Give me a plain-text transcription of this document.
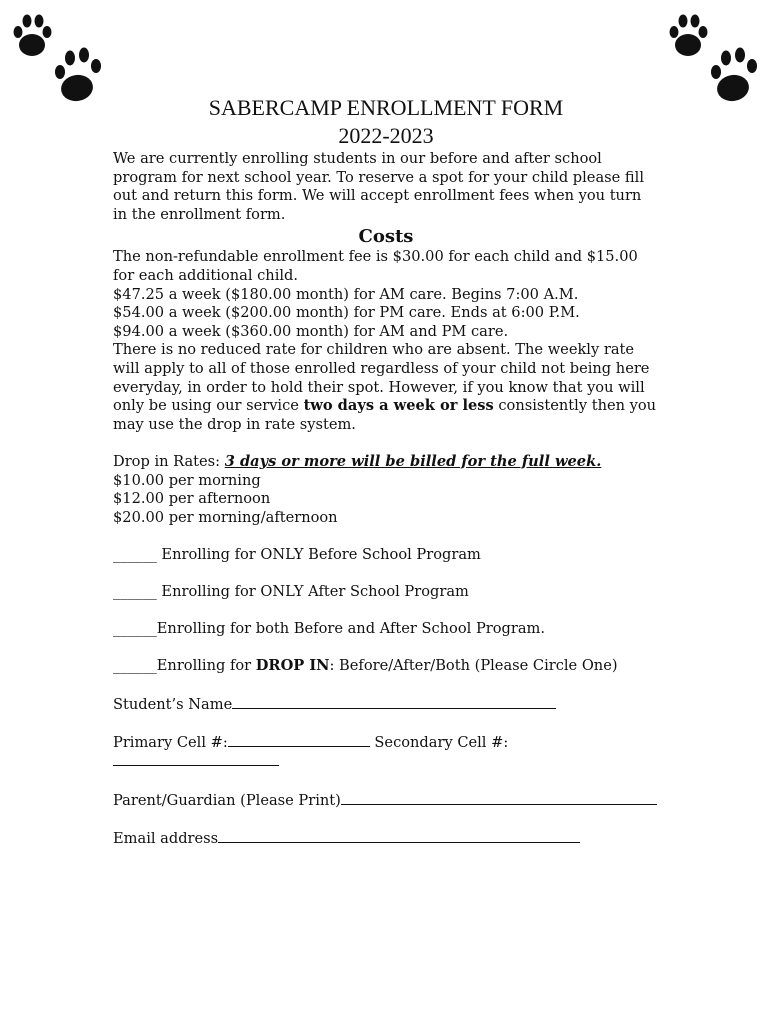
SABERCAMP ENROLLMENT FORM
2022-2023

We are currently enrolling students in our before and after school program for next school year. To reserve a spot for your child please fill out and return this form. We will accept enrollment fees when you turn in the enrollment form.

Costs

The non-refundable enrollment fee is $30.00 for each child and $15.00 for each additional child.

$47.25 a week ($180.00 month) for AM care. Begins 7:00 A.M.

$54.00 a week ($200.00 month) for PM care. Ends at 6:00 P.M.

$94.00 a week ($360.00 month) for AM and PM care.

There is no reduced rate for children who are absent. The weekly rate will apply to all of those enrolled regardless of your child not being here everyday, in order to hold their spot. However, if you know that you will only be using our service two days a week or less consistently then you may use the drop in rate system.

Drop in Rates: 3 days or more will be billed for the full week.

$10.00 per morning

$12.00 per afternoon

$20.00 per morning/afternoon

______ Enrolling for ONLY Before School Program

______ Enrolling for ONLY After School Program

______Enrolling for both Before and After School Program.

______Enrolling for DROP IN: Before/After/Both (Please Circle One)

Student’s Name

Primary Cell #:	Secondary Cell #:

Parent/Guardian (Please Print)

Email address
